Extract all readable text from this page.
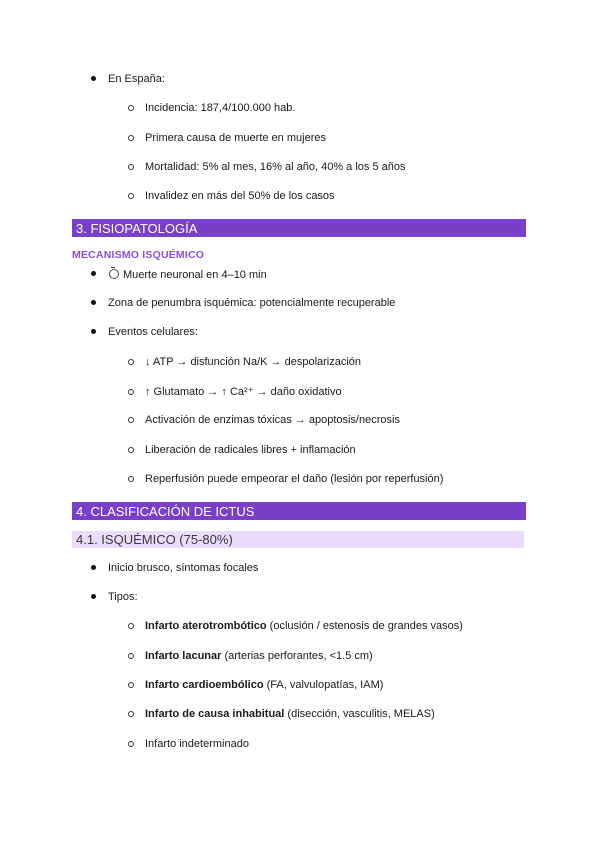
En España:
Incidencia: 187,4/100.000 hab.
Primera causa de muerte en mujeres
Mortalidad: 5% al mes, 16% al año, 40% a los 5 años
Invalidez en más del 50% de los casos
3. FISIOPATOLOGÍA
MECANISMO ISQUÉMICO
Muerte neuronal en 4–10 min
Zona de penumbra isquémica: potencialmente recuperable
Eventos celulares:
↓ ATP → disfunción Na/K → despolarización
↑ Glutamato → ↑ Ca²⁺ → daño oxidativo
Activación de enzimas tóxicas → apoptosis/necrosis
Liberación de radicales libres + inflamación
Reperfusión puede empeorar el daño (lesión por reperfusión)
4. CLASIFICACIÓN DE ICTUS
4.1. ISQUÉMICO (75-80%)
Inicio brusco, síntomas focales
Tipos:
Infarto aterotrombótico (oclusión / estenosis de grandes vasos)
Infarto lacunar (arterias perforantes, <1.5 cm)
Infarto cardioembólico (FA, valvulopatías, IAM)
Infarto de causa inhabitual (disección, vasculitis, MELAS)
Infarto indeterminado
